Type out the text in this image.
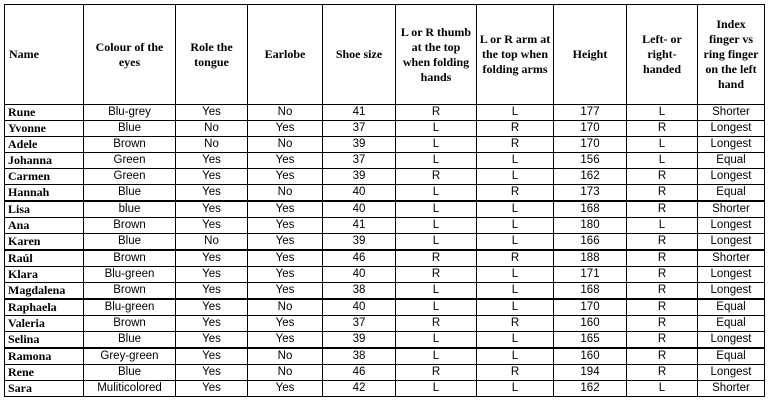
Name	Colour of the eyes	Role the tongue	Earlobe	Shoe size	L or R thumb at the top when folding hands	L or R arm at the top when folding arms	Height	Left- or right-handed	Index finger vs ring finger on the left hand
Rune	Blu-grey	Yes	No	41	R	L	177	L	Shorter
Yvonne	Blue	No	Yes	37	L	R	170	R	Longest
Adele	Brown	No	No	39	L	R	170	L	Longest
Johanna	Green	Yes	Yes	37	L	L	156	L	Equal
Carmen	Green	Yes	Yes	39	R	L	162	R	Longest
Hannah	Blue	Yes	No	40	L	R	173	R	Equal
Lisa	blue	Yes	Yes	40	L	L	168	R	Shorter
Ana	Brown	Yes	Yes	41	L	L	180	L	Longest
Karen	Blue	No	Yes	39	L	L	166	R	Longest
Raúl	Brown	Yes	Yes	46	R	R	188	R	Shorter
Klara	Blu-green	Yes	Yes	40	R	L	171	R	Longest
Magdalena	Brown	Yes	Yes	38	L	L	168	R	Longest
Raphaela	Blu-green	Yes	No	40	L	L	170	R	Equal
Valeria	Brown	Yes	Yes	37	R	R	160	R	Equal
Selina	Blue	Yes	Yes	39	L	L	165	R	Longest
Ramona	Grey-green	Yes	No	38	L	L	160	R	Equal
Rene	Blue	Yes	No	46	R	R	194	R	Longest
Sara	Muliticolored	Yes	Yes	42	L	L	162	L	Shorter
